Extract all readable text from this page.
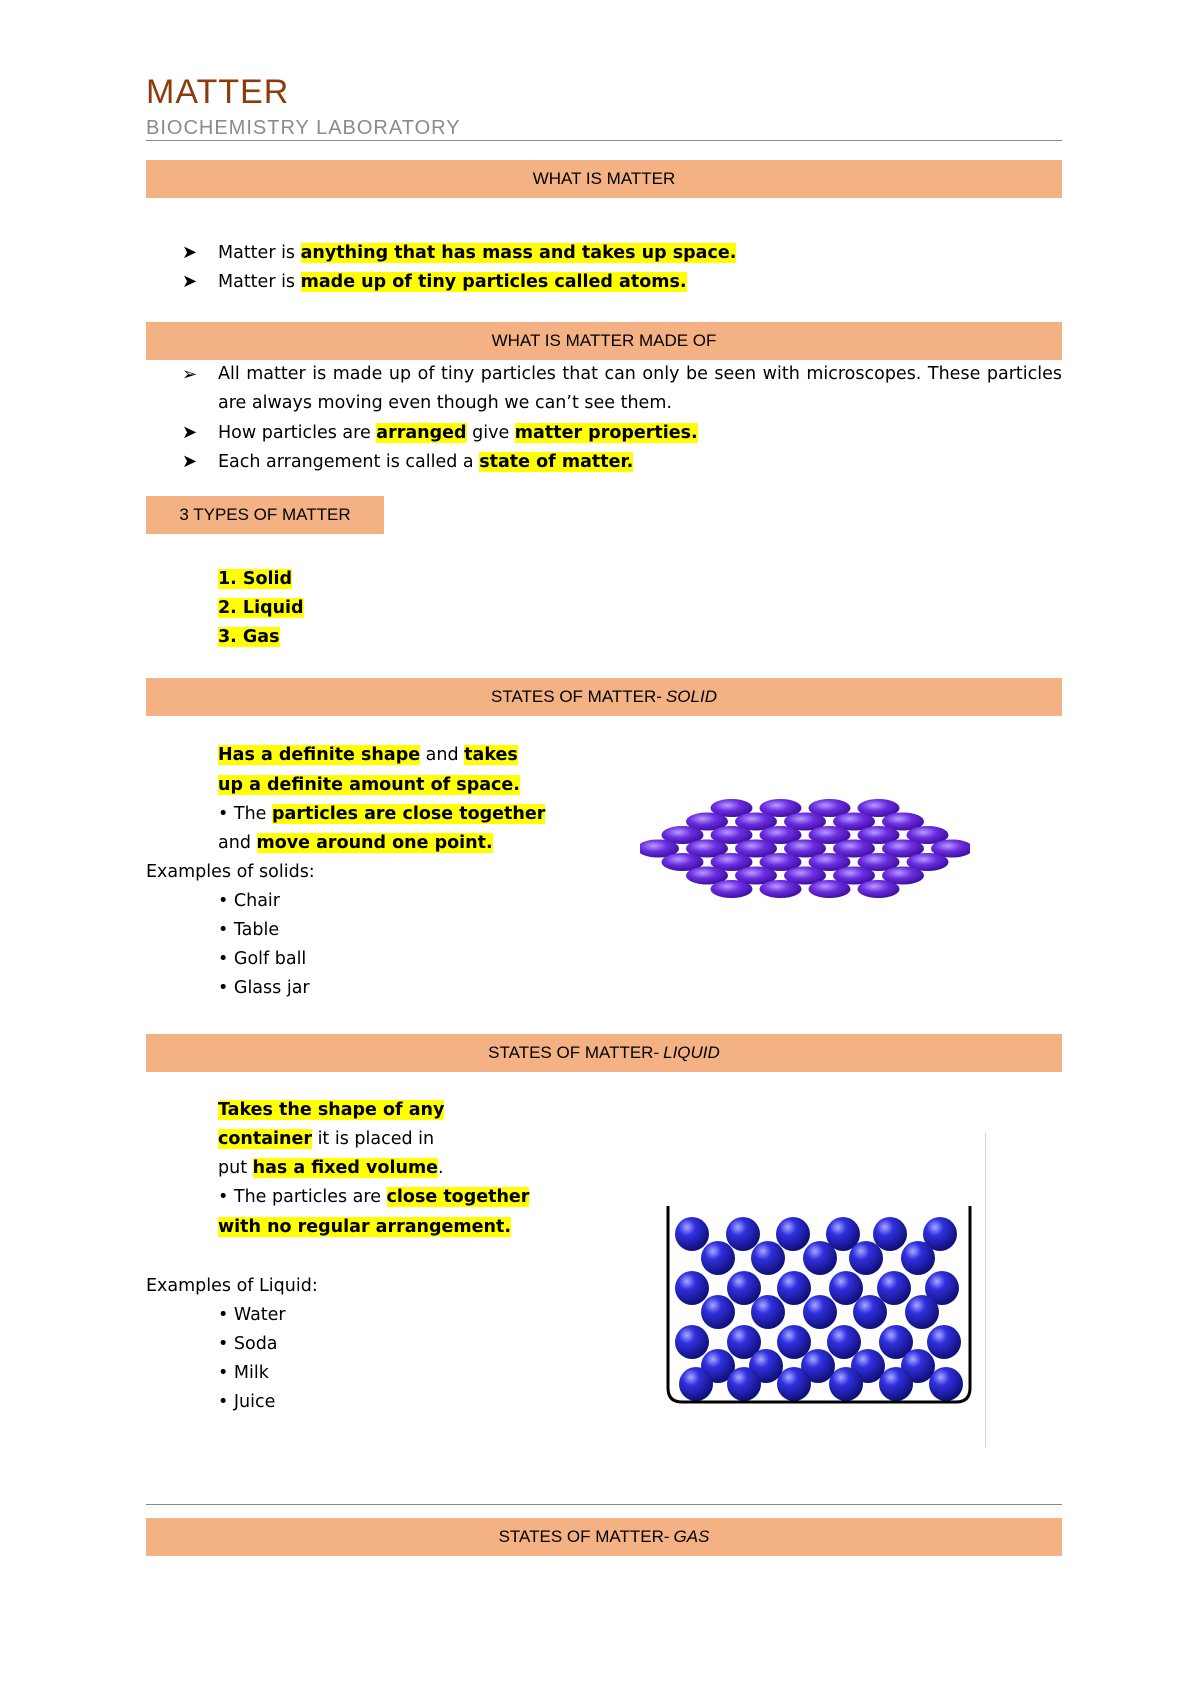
MATTER
BIOCHEMISTRY LABORATORY
WHAT IS MATTER
➤ Matter is anything that has mass and takes up space.
➤ Matter is made up of tiny particles called atoms.
WHAT IS MATTER MADE OF
➢	All matter is made up of tiny particles that can only be seen with microscopes. These particles are always moving even though we can’t see them.
➤ How particles are arranged give matter properties.
➤ Each arrangement is called a state of matter.
3 TYPES OF MATTER
1. Solid
2. Liquid
3. Gas
STATES OF MATTER- SOLID
Has a definite shape and takes
up a definite amount of space.
• The particles are close together
and move around one point.
Examples of solids:
• Chair
• Table
• Golf ball
• Glass jar
STATES OF MATTER- LIQUID
Takes the shape of any
container it is placed in
put has a fixed volume.
• The particles are close together
with no regular arrangement.
Examples of Liquid:
• Water
• Soda
• Milk
• Juice
STATES OF MATTER- GAS
